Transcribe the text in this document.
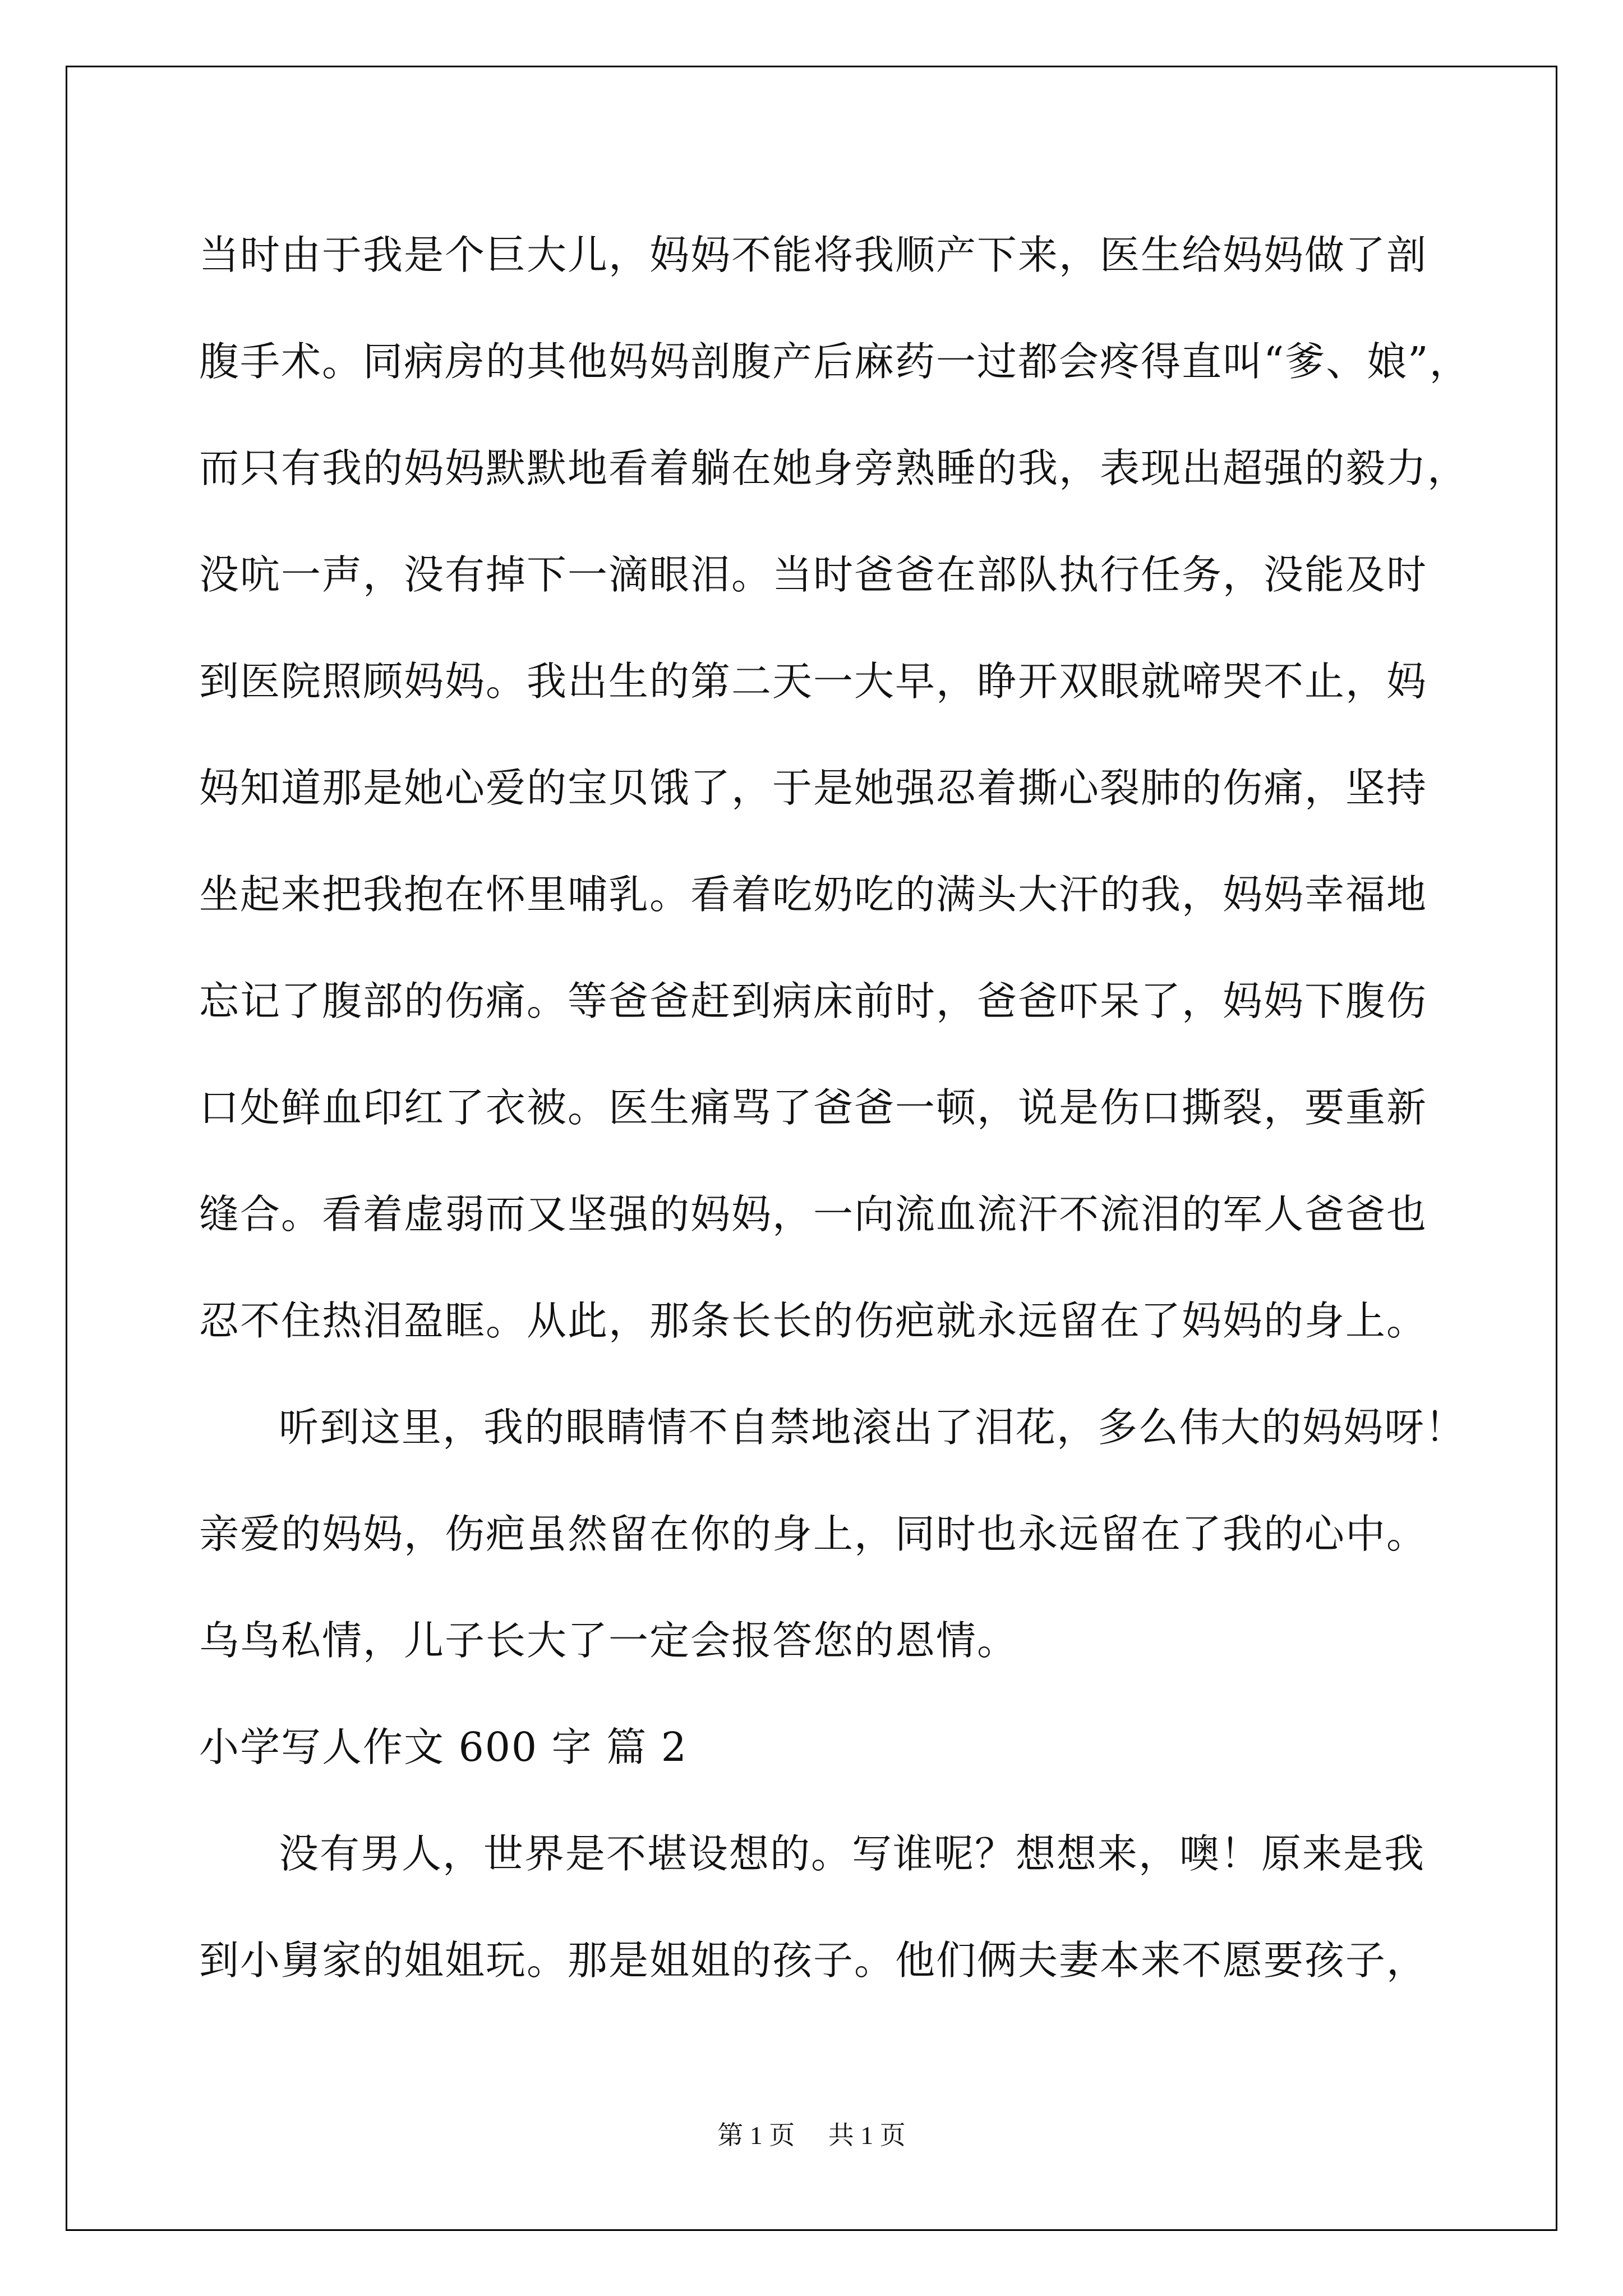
当时由于我是个巨大儿，妈妈不能将我顺产下来，医生给妈妈做了剖
腹手术。同病房的其他妈妈剖腹产后麻药一过都会疼得直叫“爹、娘”，
而只有我的妈妈默默地看着躺在她身旁熟睡的我，表现出超强的毅力，
没吭一声，没有掉下一滴眼泪。当时爸爸在部队执行任务，没能及时
到医院照顾妈妈。我出生的第二天一大早，睁开双眼就啼哭不止，妈
妈知道那是她心爱的宝贝饿了，于是她强忍着撕心裂肺的伤痛，坚持
坐起来把我抱在怀里哺乳。看着吃奶吃的满头大汗的我，妈妈幸福地
忘记了腹部的伤痛。等爸爸赶到病床前时，爸爸吓呆了，妈妈下腹伤
口处鲜血印红了衣被。医生痛骂了爸爸一顿，说是伤口撕裂，要重新
缝合。看着虚弱而又坚强的妈妈，一向流血流汗不流泪的军人爸爸也
忍不住热泪盈眶。从此，那条长长的伤疤就永远留在了妈妈的身上。
听到这里，我的眼睛情不自禁地滚出了泪花，多么伟大的妈妈呀！
亲爱的妈妈，伤疤虽然留在你的身上，同时也永远留在了我的心中。
乌鸟私情，儿子长大了一定会报答您的恩情。
小学写人作文 600 字 篇 2
没有男人，世界是不堪设想的。写谁呢？想想来，噢！原来是我
到小舅家的姐姐玩。那是姐姐的孩子。他们俩夫妻本来不愿要孩子，
第 1 页 共 1 页
